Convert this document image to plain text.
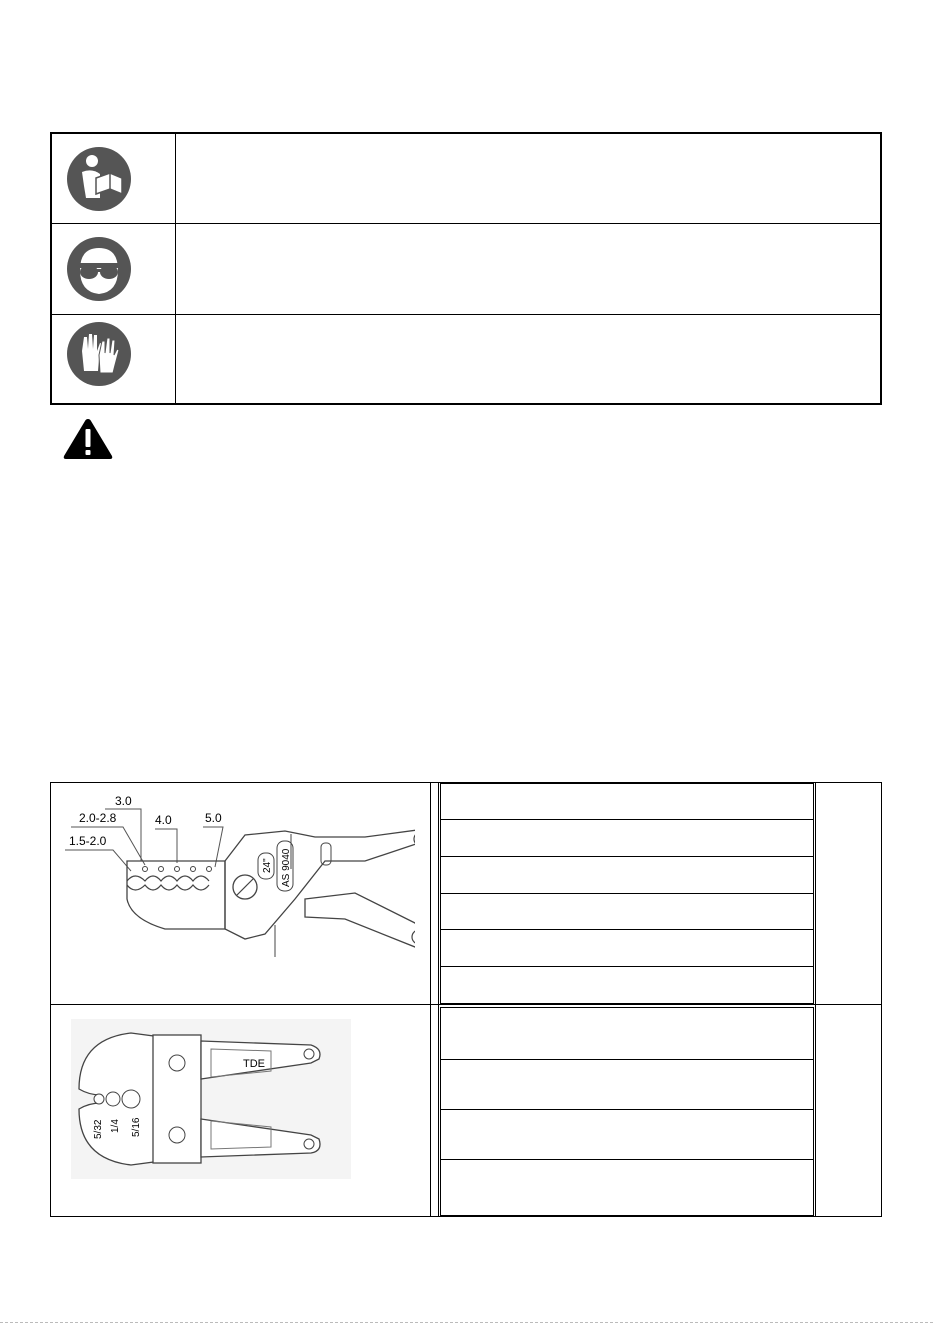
3.0
2.0-2.8	4.0	5.0
1.5-2.0
24" AS 9040
TDE
5/32 1/4 5/16
